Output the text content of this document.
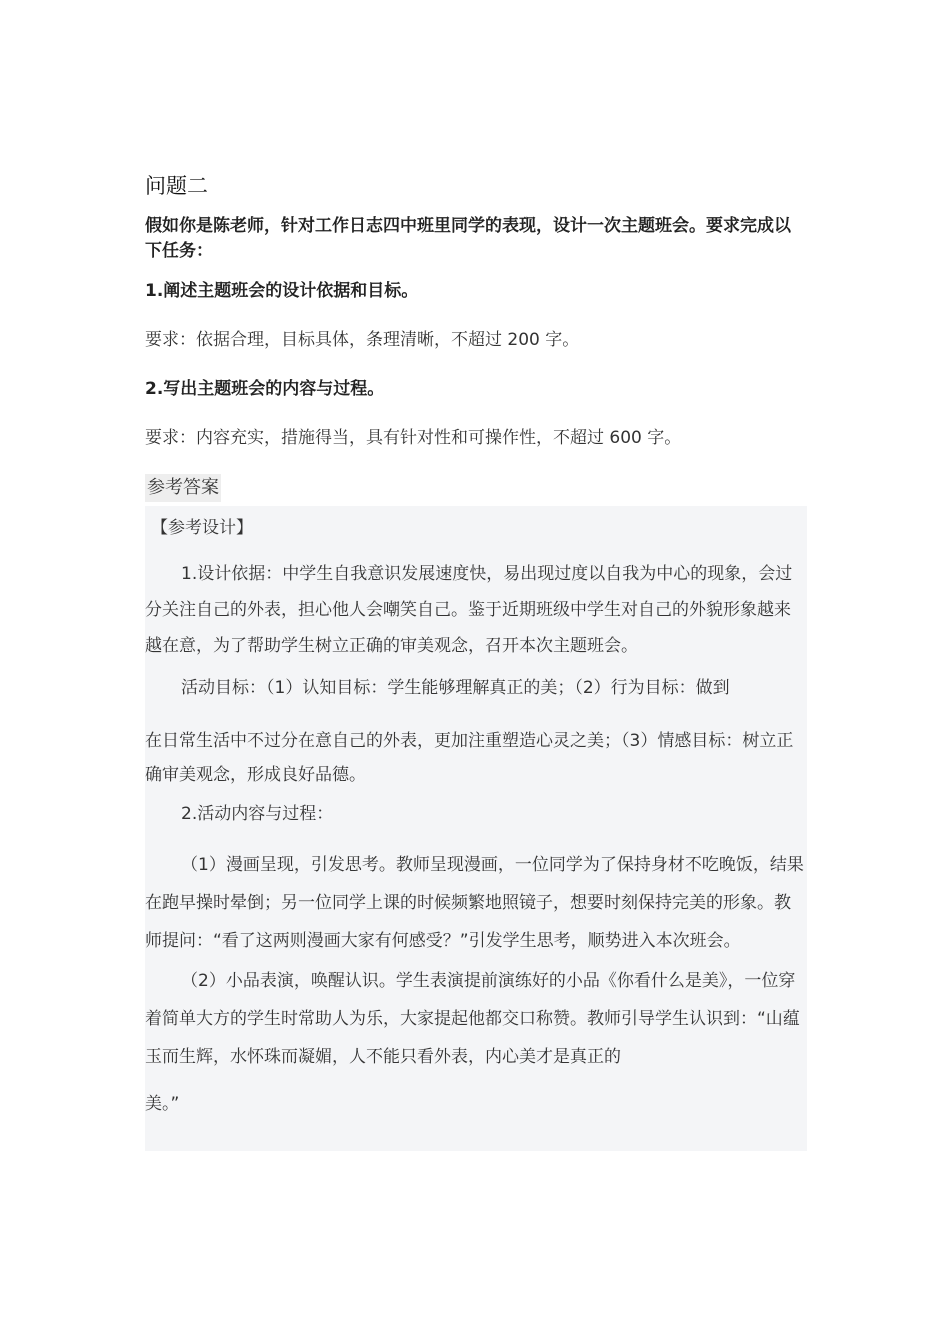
问题二

假如你是陈老师，针对工作日志四中班里同学的表现，设计一次主题班会。要求完成以下任务：

1.阐述主题班会的设计依据和目标。

要求：依据合理，目标具体，条理清晰，不超过 200 字。

2.写出主题班会的内容与过程。

要求：内容充实，措施得当，具有针对性和可操作性，不超过 600 字。

参考答案

【参考设计】

1.设计依据：中学生自我意识发展速度快，易出现过度以自我为中心的现象，会过分关注自己的外表，担心他人会嘲笑自己。鉴于近期班级中学生对自己的外貌形象越来越在意，为了帮助学生树立正确的审美观念，召开本次主题班会。

活动目标：（1）认知目标：学生能够理解真正的美；（2）行为目标：做到

在日常生活中不过分在意自己的外表，更加注重塑造心灵之美；（3）情感目标：树立正确审美观念，形成良好品德。

2.活动内容与过程：

（1）漫画呈现，引发思考。教师呈现漫画，一位同学为了保持身材不吃晚饭，结果在跑早操时晕倒；另一位同学上课的时候频繁地照镜子，想要时刻保持完美的形象。教师提问：“看了这两则漫画大家有何感受？”引发学生思考，顺势进入本次班会。

（2）小品表演，唤醒认识。学生表演提前演练好的小品《你看什么是美》，一位穿着简单大方的学生时常助人为乐，大家提起他都交口称赞。教师引导学生认识到：“山蕴玉而生辉，水怀珠而凝媚，人不能只看外表，内心美才是真正的

美。”
